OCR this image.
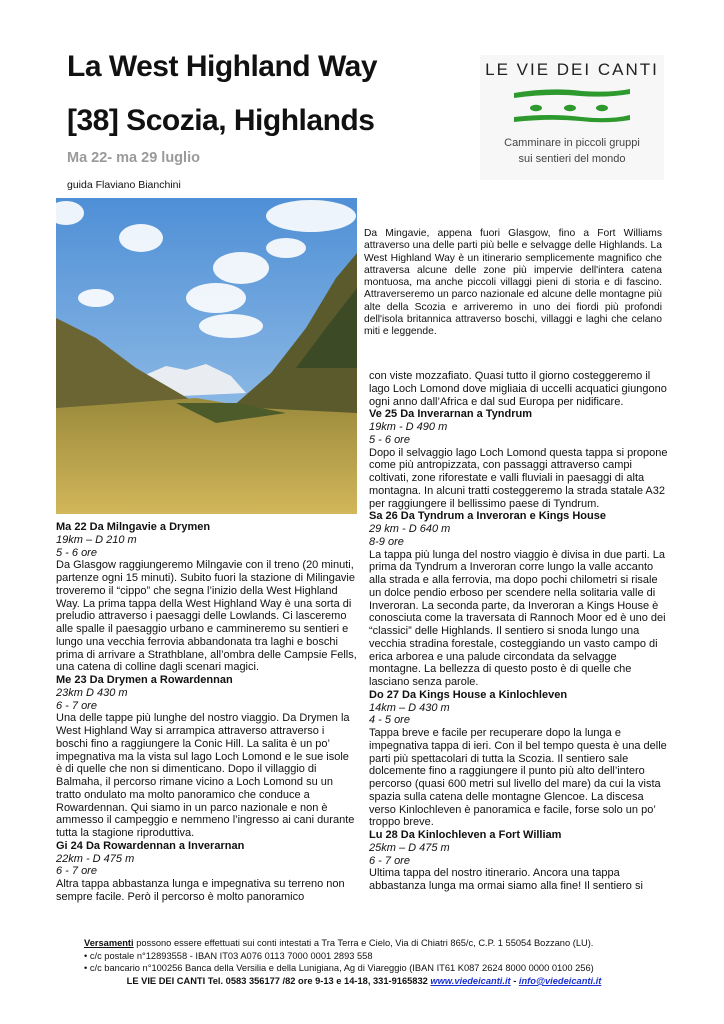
La West Highland Way
[38] Scozia, Highlands
Ma 22- ma 29 luglio
guida Flaviano Bianchini
LE VIE DEI CANTI
Camminare in piccoli gruppi
sui sentieri del mondo
Da Mingavie, appena fuori Glasgow, fino a Fort Williams attraverso una delle parti più belle e selvagge delle Highlands. La West Highland Way è un itinerario semplicemente magnifico che attraversa alcune delle zone più impervie dell'intera catena montuosa, ma anche piccoli villaggi pieni di storia e di fascino. Attraverseremo un parco nazionale ed alcune delle montagne più alte della Scozia e arriveremo in uno dei fiordi più profondi dell'isola britannica attraverso boschi, villaggi e laghi che celano miti e leggende.

Ma 22 Da Milngavie a Drymen

19km – D 210 m

5 - 6 ore

Da Glasgow raggiungeremo Milngavie con il treno (20 minuti, partenze ogni 15 minuti). Subito fuori la stazione di Milingavie troveremo il “cippo” che segna l’inizio della West Highland Way. La prima tappa della West Highland Way è una sorta di preludio attraverso i paesaggi delle Lowlands. Ci lasceremo alle spalle il paesaggio urbano e cammineremo su sentieri e lungo una vecchia ferrovia abbandonata tra laghi e boschi prima di arrivare a Strathblane, all’ombra delle Campsie Fells, una catena di colline dagli scenari magici.

Me 23 Da Drymen a Rowardennan

23km D 430 m

6 - 7 ore

Una delle tappe più lunghe del nostro viaggio. Da Drymen la West Highland Way si arrampica attraverso attraverso i boschi fino a raggiungere la Conic Hill. La salita è un po’ impegnativa ma la vista sul lago Loch Lomond e le sue isole è di quelle che non si dimenticano. Dopo il villaggio di Balmaha, il percorso rimane vicino a Loch Lomond su un tratto ondulato ma molto panoramico che conduce a Rowardennan. Qui siamo in un parco nazionale e non è ammesso il campeggio e nemmeno l’ingresso ai cani durante tutta la stagione riproduttiva.

Gi 24 Da Rowardennan a Inverarnan

22km - D 475 m

6 - 7 ore

Altra tappa abbastanza lunga e impegnativa su terreno non sempre facile. Però il percorso è molto panoramico

con viste mozzafiato. Quasi tutto il giorno costeggeremo il lago Loch Lomond dove migliaia di uccelli acquatici giungono ogni anno dall’Africa e dal sud Europa per nidificare.

Ve 25 Da Inverarnan a Tyndrum

19km - D 490 m

5 - 6 ore

Dopo il selvaggio lago Loch Lomond questa tappa si propone come più antropizzata, con passaggi attraverso campi coltivati, zone riforestate e valli fluviali in paesaggi di alta montagna. In alcuni tratti costeggeremo la strada statale A32 per raggiungere il bellissimo paese di Tyndrum.

Sa 26 Da Tyndrum a Inveroran e Kings House

29 km - D 640 m

8-9 ore

La tappa più lunga del nostro viaggio è divisa in due parti. La prima da Tyndrum a Inveroran corre lungo la valle accanto alla strada e alla ferrovia, ma dopo pochi chilometri si risale un dolce pendio erboso per scendere nella solitaria valle di Inveroran. La seconda parte, da Inveroran a Kings House è conosciuta come la traversata di Rannoch Moor ed è uno dei “classici” delle Highlands. Il sentiero si snoda lungo una vecchia stradina forestale, costeggiando un vasto campo di erica arborea e una palude circondata da selvagge montagne. La bellezza di questo posto è di quelle che lasciano senza parole.

Do 27 Da Kings House a Kinlochleven

14km – D 430 m

4 - 5 ore

Tappa breve e facile per recuperare dopo la lunga e impegnativa tappa di ieri. Con il bel tempo questa è una delle parti più spettacolari di tutta la Scozia. Il sentiero sale dolcemente fino a raggiungere il punto più alto dell’intero percorso (quasi 600 metri sul livello del mare) da cui la vista spazia sulla catena delle montagne Glencoe. La discesa verso Kinlochleven è panoramica e facile, forse solo un po’ troppo breve.

Lu 28 Da Kinlochleven a Fort William

25km – D 475 m

6 - 7 ore

Ultima tappa del nostro itinerario. Ancora una tappa abbastanza lunga ma ormai siamo alla fine! Il sentiero si

Versamenti possono essere effettuati sui conti intestati a Tra Terra e Cielo, Via di Chiatri 865/c, C.P. 1 55054 Bozzano (LU).

• c/c postale n°12893558 - IBAN IT03 A076 0113 7000 0001 2893 558

• c/c bancario n°100256 Banca della Versilia e della Lunigiana, Ag di Viareggio (IBAN IT61 K087 2624 8000 0000 0100 256)

LE VIE DEI CANTI Tel. 0583 356177 /82 ore 9-13 e 14-18, 331-9165832 www.viedeicanti.it - info@viedeicanti.it
